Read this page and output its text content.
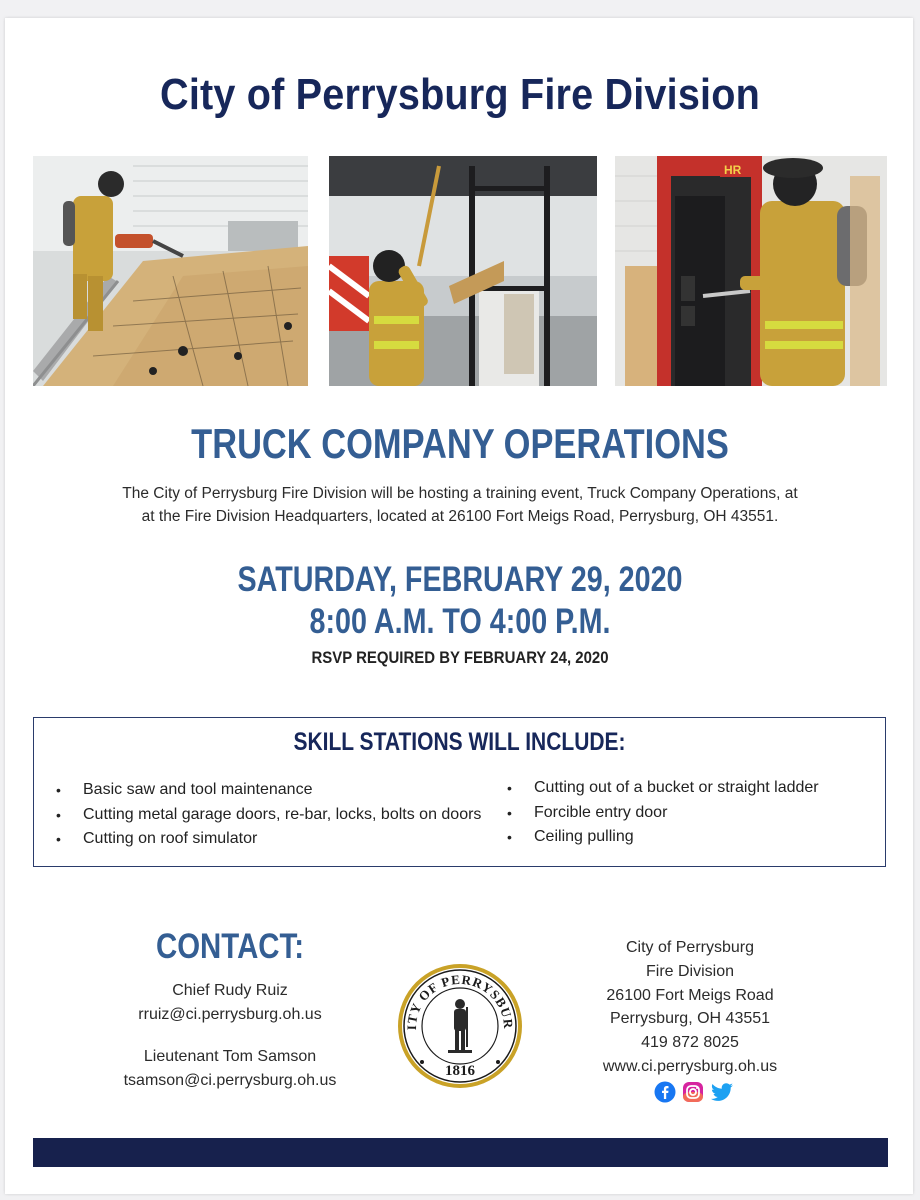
City of Perrysburg Fire Division
HR
TRUCK COMPANY OPERATIONS

The City of Perrysburg Fire Division will be hosting a training event, Truck Company Operations, at
at the Fire Division Headquarters, located at 26100 Fort Meigs Road, Perrysburg, OH 43551.

SATURDAY, FEBRUARY 29, 2020
8:00 A.M. TO 4:00 P.M.

RSVP REQUIRED BY FEBRUARY 24, 2020

SKILL STATIONS WILL INCLUDE:
• Basic saw and tool maintenance
• Cutting metal garage doors, re-bar, locks, bolts on doors
• Cutting on roof simulator
• Cutting out of a bucket or straight ladder
• Forcible entry door
• Ceiling pulling
CONTACT:
Chief Rudy Ruiz
rruiz@ci.perrysburg.oh.us
Lieutenant Tom Samson
tsamson@ci.perrysburg.oh.us
ITY OF PERRYSBUR
1816
City of Perrysburg
Fire Division
26100 Fort Meigs Road
Perrysburg, OH 43551
419 872 8025
www.ci.perrysburg.oh.us
